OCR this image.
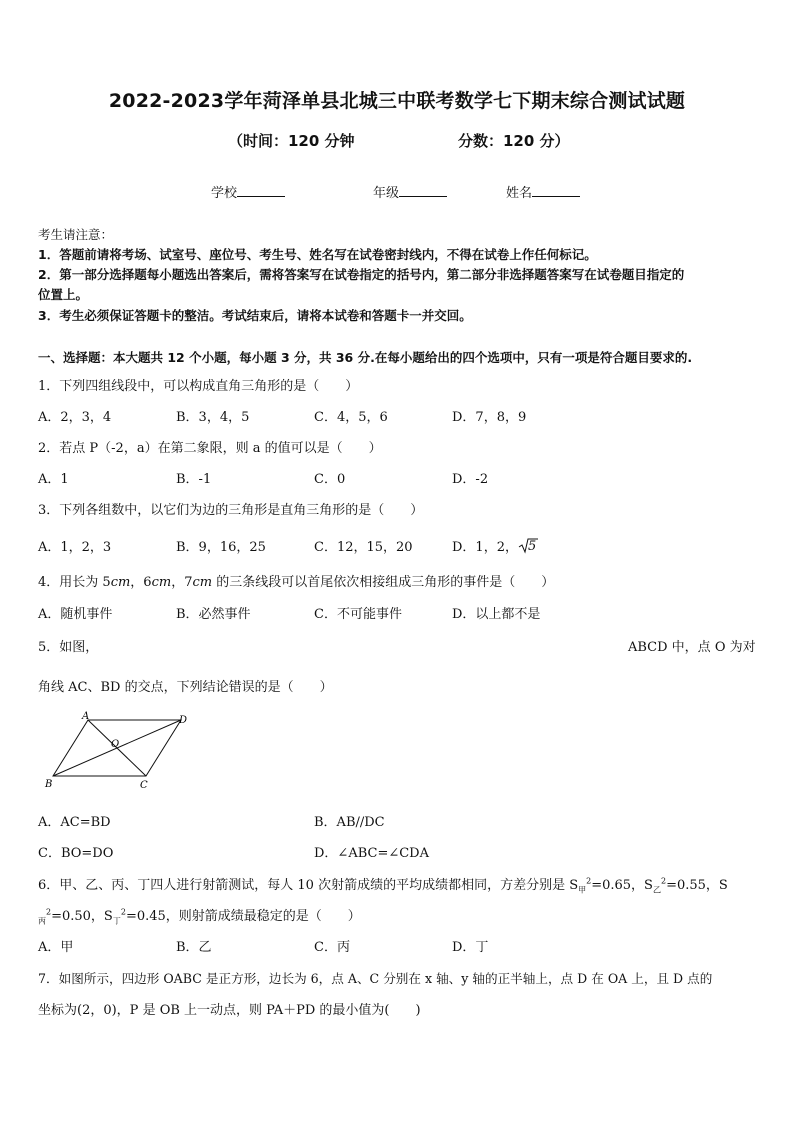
2022-2023学年菏泽单县北城三中联考数学七下期末综合测试试题
（时间：120 分钟	分数：120 分）
学校	年级	姓名
考生请注意：
1．答题前请将考场、试室号、座位号、考生号、姓名写在试卷密封线内，不得在试卷上作任何标记。
2．第一部分选择题每小题选出答案后，需将答案写在试卷指定的括号内，第二部分非选择题答案写在试卷题目指定的
位置上。
3．考生必须保证答题卡的整洁。考试结束后，请将本试卷和答题卡一并交回。
一、选择题：本大题共 12 个小题，每小题 3 分，共 36 分.在每小题给出的四个选项中，只有一项是符合题目要求的.
1．下列四组线段中，可以构成直角三角形的是（　　）
A．2，3，4	B．3，4，5	C．4，5，6	D．7，8，9
2．若点 P（-2，a）在第二象限，则 a 的值可以是（　　）
A．1	B．-1	C．0	D．-2
3．下列各组数中，以它们为边的三角形是直角三角形的是（　　）
A．1，2，3	B．9，16，25	C．12，15，20	D．1，2， 5
4．用长为 5cm，6cm，7cm 的三条线段可以首尾依次相接组成三角形的事件是（　　）
A．随机事件	B．必然事件	C．不可能事件	D．以上都不是
5．如图，	ABCD 中，点 O 为对
角线 AC、BD 的交点，下列结论错误的是（　　）
A	D
B	C
O
A．AC=BD	B．AB//DC
C．BO=DO	D．∠ABC=∠CDA
6．甲、乙、丙、丁四人进行射箭测试，每人 10 次射箭成绩的平均成绩都相同，方差分别是 $S_甲^2=0.65$，$S_乙^2=0.55$，S
$_丙^2$=0.50，$S_丁^2=0.45$，则射箭成绩最稳定的是（　　）
A．甲	B．乙	C．丙	D．丁
7．如图所示，四边形 OABC 是正方形，边长为 6，点 A、C 分别在 x 轴、y 轴的正半轴上，点 D 在 OA 上，且 D 点的
坐标为(2，0)，P 是 OB 上一动点，则 PA＋PD 的最小值为(　　)
